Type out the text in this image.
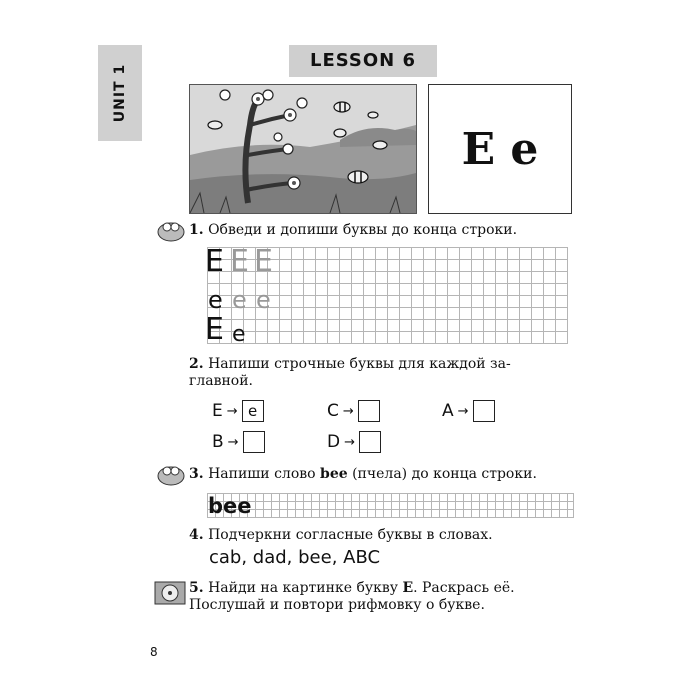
UNIT 1
LESSON 6
E e
1. Обведи и допиши буквы до конца строки.
E E E
e e e
E e
2. Напиши строчные буквы для каждой за-
главной.
E → e	C →	A →
B →	D →
3. Напиши слово bee (пчела) до конца строки.
bee
4. Подчеркни согласные буквы в словах.
cab, dad, bee, ABC
5. Найди на картинке букву E. Раскрась её.
Послушай и повтори рифмовку о букве.
8
